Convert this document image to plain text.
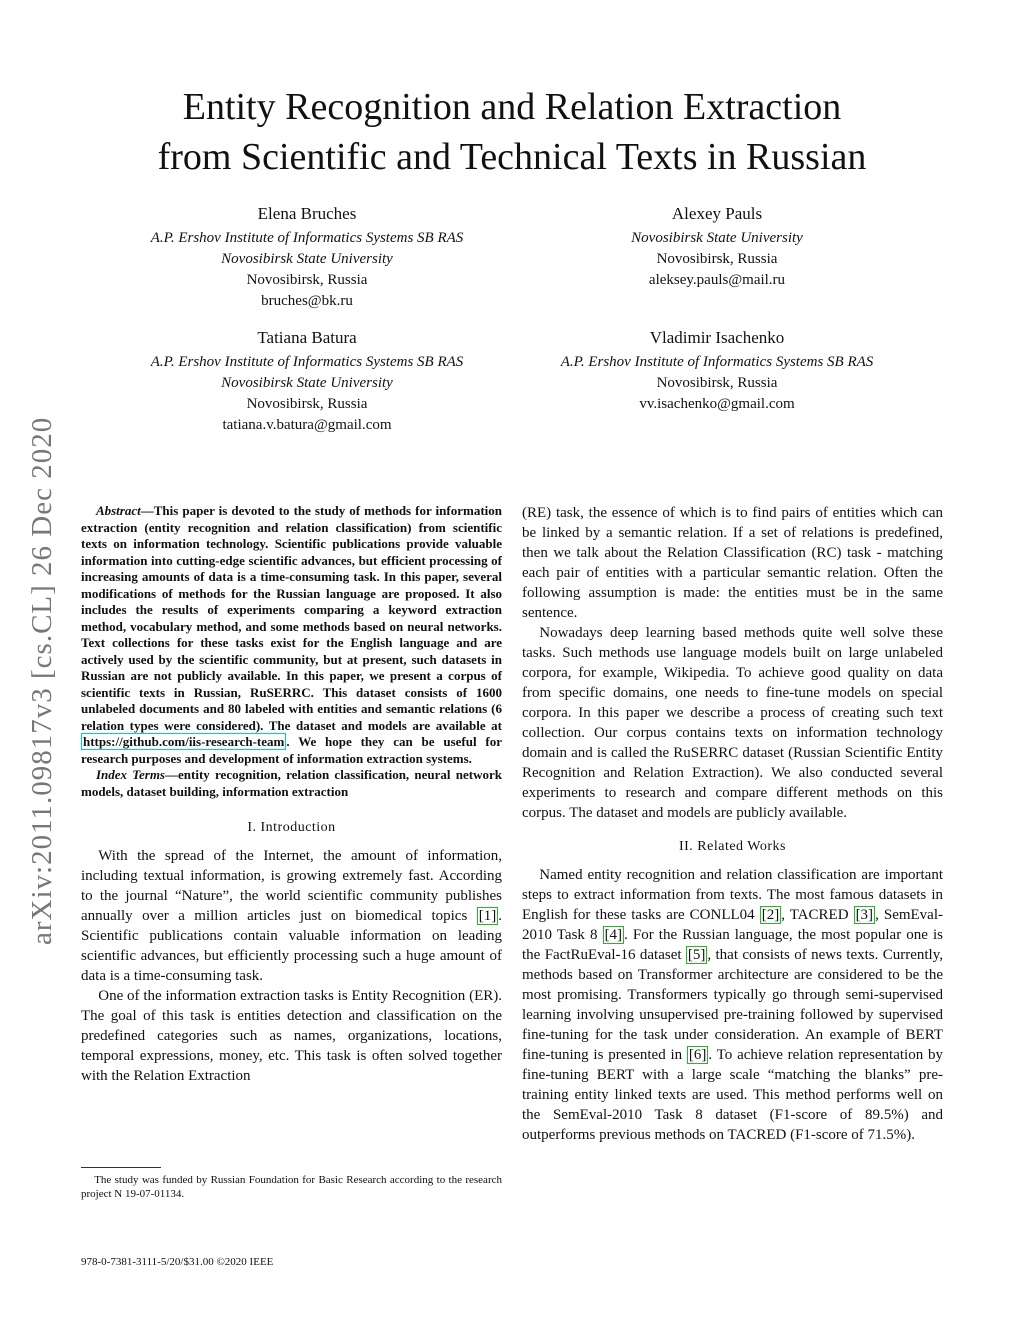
arXiv:2011.09817v3 [cs.CL] 26 Dec 2020
Entity Recognition and Relation Extraction
from Scientific and Technical Texts in Russian
Elena Bruches
A.P. Ershov Institute of Informatics Systems SB RAS
Novosibirsk State University
Novosibirsk, Russia
bruches@bk.ru
Alexey Pauls
Novosibirsk State University
Novosibirsk, Russia
aleksey.pauls@mail.ru
Tatiana Batura
A.P. Ershov Institute of Informatics Systems SB RAS
Novosibirsk State University
Novosibirsk, Russia
tatiana.v.batura@gmail.com
Vladimir Isachenko
A.P. Ershov Institute of Informatics Systems SB RAS
Novosibirsk, Russia
vv.isachenko@gmail.com

Abstract—This paper is devoted to the study of methods for information extraction (entity recognition and relation classification) from scientific texts on information technology. Scientific publications provide valuable information into cutting-edge scientific advances, but efficient processing of increasing amounts of data is a time-consuming task. In this paper, several modifications of methods for the Russian language are proposed. It also includes the results of experiments comparing a keyword extraction method, vocabulary method, and some methods based on neural networks. Text collections for these tasks exist for the English language and are actively used by the scientific community, but at present, such datasets in Russian are not publicly available. In this paper, we present a corpus of scientific texts in Russian, RuSERRC. This dataset consists of 1600 unlabeled documents and 80 labeled with entities and semantic relations (6 relation types were considered). The dataset and models are available at https://github.com/iis-research-team . We hope they can be useful for research purposes and development of information extraction systems.

Index Terms—entity recognition, relation classification, neural network models, dataset building, information extraction

I. Introduction

With the spread of the Internet, the amount of information, including textual information, is growing extremely fast. According to the journal “Nature”, the world scientific community publishes annually over a million articles just on biomedical topics [1] . Scientific publications contain valuable information on leading scientific advances, but efficiently processing such a huge amount of data is a time-consuming task.

One of the information extraction tasks is Entity Recognition (ER). The goal of this task is entities detection and classification on the predefined categories such as names, organizations, locations, temporal expressions, money, etc. This task is often solved together with the Relation Extraction

The study was funded by Russian Foundation for Basic Research according to the research project N 19-07-01134.
978-0-7381-3111-5/20/$31.00 ©2020 IEEE

(RE) task, the essence of which is to find pairs of entities which can be linked by a semantic relation. If a set of relations is predefined, then we talk about the Relation Classification (RC) task - matching each pair of entities with a particular semantic relation. Often the following assumption is made: the entities must be in the same sentence.

Nowadays deep learning based methods quite well solve these tasks. Such methods use language models built on large unlabeled corpora, for example, Wikipedia. To achieve good quality on data from specific domains, one needs to fine-tune models on special corpora. In this paper we describe a process of creating such text collection. Our corpus contains texts on information technology domain and is called the RuSERRC dataset (Russian Scientific Entity Recognition and Relation Extraction). We also conducted several experiments to research and compare different methods on this corpus. The dataset and models are publicly available.

II. Related Works

Named entity recognition and relation classification are important steps to extract information from texts. The most famous datasets in English for these tasks are CONLL04 [2] , TACRED [3] , SemEval-2010 Task 8 [4] . For the Russian language, the most popular one is the FactRuEval-16 dataset [5] , that consists of news texts. Currently, methods based on Transformer architecture are considered to be the most promising. Transformers typically go through semi-supervised learning involving unsupervised pre-training followed by supervised fine-tuning for the task under consideration. An example of BERT fine-tuning is presented in [6] . To achieve relation representation by fine-tuning BERT with a large scale “matching the blanks” pre-training entity linked texts are used. This method performs well on the SemEval-2010 Task 8 dataset (F1-score of 89.5%) and outperforms previous methods on TACRED (F1-score of 71.5%).
